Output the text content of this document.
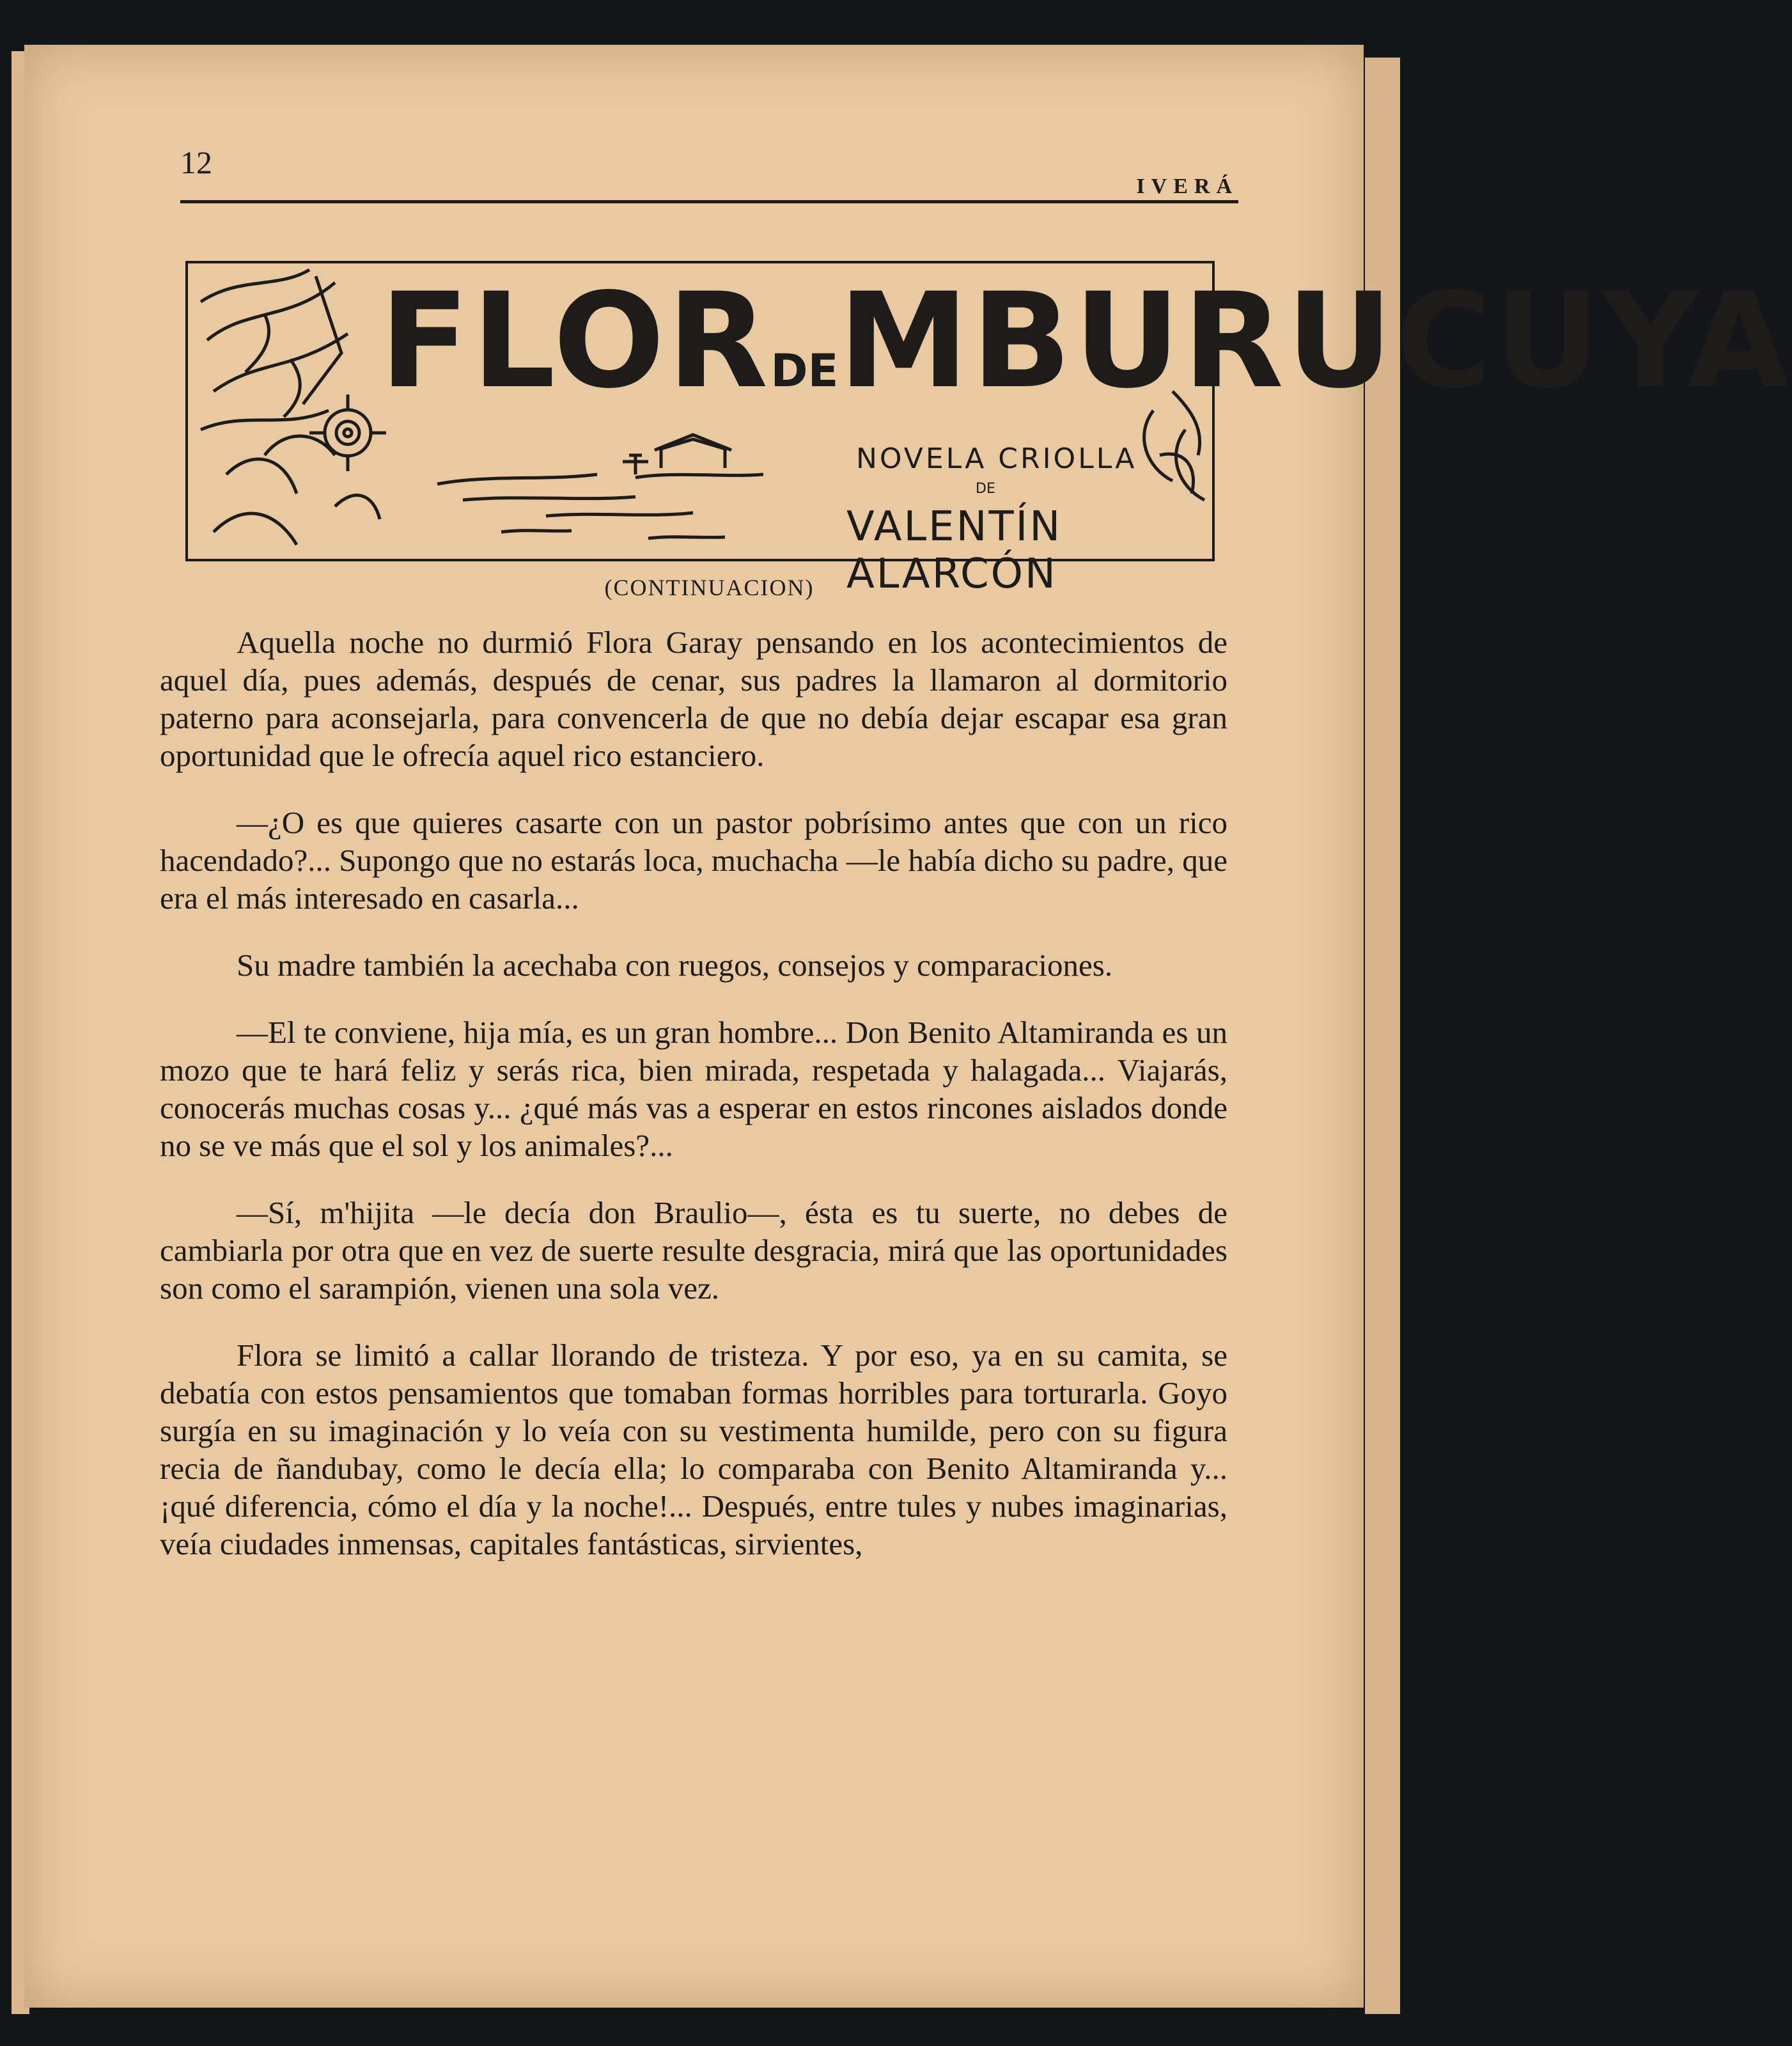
12
IVERÁ
FLORDEMBURUCUYA
NOVELA CRIOLLA
DE
VALENTÍN ALARCÓN
(CONTINUACION)

Aquella noche no durmió Flora Garay pensando en los acontecimientos de aquel día, pues además, después de cenar, sus padres la llamaron al dormitorio paterno para aconsejarla, para convencerla de que no debía dejar escapar esa gran oportunidad que le ofrecía aquel rico estanciero.

—¿O es que quieres casarte con un pastor pobrísimo antes que con un rico hacendado?... Supongo que no estarás loca, muchacha —le había dicho su padre, que era el más interesado en casarla...

Su madre también la acechaba con ruegos, consejos y comparaciones.

—El te conviene, hija mía, es un gran hombre... Don Benito Altamiranda es un mozo que te hará feliz y serás rica, bien mirada, respetada y halagada... Viajarás, conocerás muchas cosas y... ¿qué más vas a esperar en estos rincones aislados donde no se ve más que el sol y los animales?...

—Sí, m'hijita —le decía don Braulio—, ésta es tu suerte, no debes de cambiarla por otra que en vez de suerte resulte desgracia, mirá que las oportunidades son como el sarampión, vienen una sola vez.

Flora se limitó a callar llorando de tristeza. Y por eso, ya en su camita, se debatía con estos pensamientos que tomaban formas horribles para torturarla. Goyo surgía en su imaginación y lo veía con su vestimenta humilde, pero con su figura recia de ñandubay, como le decía ella; lo comparaba con Benito Altamiranda y... ¡qué diferencia, cómo el día y la noche!... Después, entre tules y nubes imaginarias, veía ciudades inmensas, capitales fantásticas, sirvientes,
